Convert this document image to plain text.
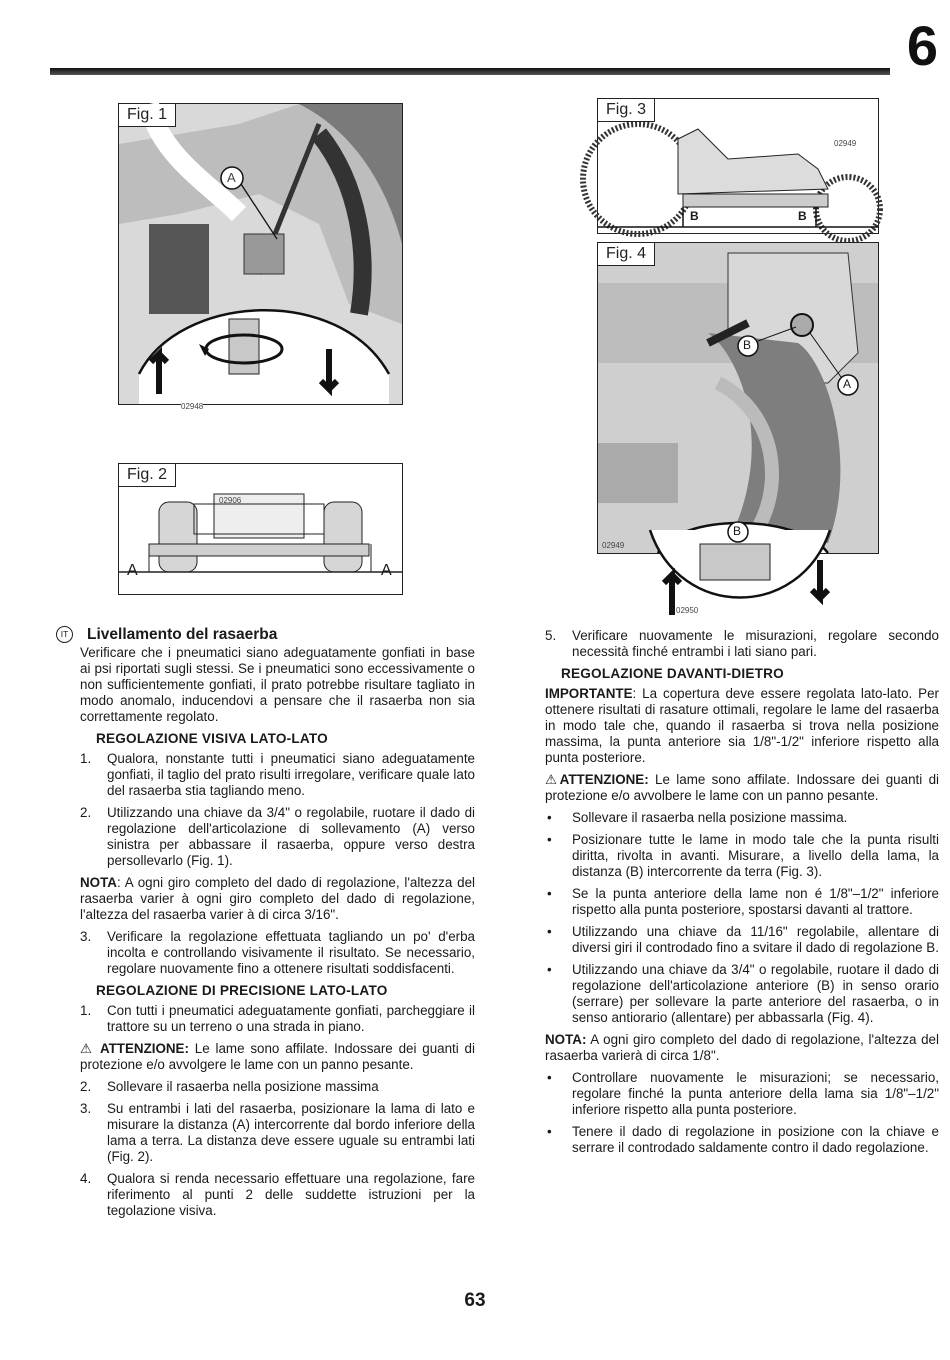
6
Fig. 1
A
02948
Fig. 2
02906
A	A
Fig. 3
02949
B	B
Fig. 4
B
A
02949
B
02950
IT	Livellamento del rasaerba

Verificare che i pneumatici siano adeguatamente gonfiati in base ai psi riportati sugli stessi. Se i pneumatici sono eccessivamente o non sufficientemente gonfiati, il prato potrebbe risultare tagliato in modo anomalo, inducendovi a pensare che il rasaerba non sia correttamente regolato.

REGOLAZIONE VISIVA LATO-LATO
1.	Qualora, nonstante tutti i pneumatici siano adeguatamente gonfiati, il taglio del prato risulti irregolare, verificare quale lato del rasaerba stia tagliando meno.
2.	Utilizzando una chiave da 3/4" o regolabile, ruotare il dado di regolazione dell'articolazione di sollevamento (A) verso sinistra per abbassare il rasaerba, oppure verso destra persollevarlo (Fig. 1).

NOTA: A ogni giro completo del dado di regolazione, l'altezza del rasaerba varier à ogni giro completo del dado di regolazione, l'altezza del rasaerba varier à di circa 3/16".

3.	Verificare la regolazione effettuata tagliando un po' d'erba incolta e controllando visivamente il risultato. Se necessario, regolare nuovamente fino a ottenere risultati soddisfacenti.
REGOLAZIONE DI PRECISIONE LATO-LATO
1.	Con tutti i pneumatici adeguatamente gonfiati, parcheggiare il trattore su un terreno o una strada in piano.

⚠ ATTENZIONE: Le lame sono affilate. Indossare dei guanti di protezione e/o avvolgere le lame con un panno pesante.

2.	Sollevare il rasaerba nella posizione massima
3.	Su entrambi i lati del rasaerba, posizionare la lama di lato e misurare la distanza (A) intercorrente dal bordo inferiore della lama a terra. La distanza deve essere uguale su entrambi lati (Fig. 2).
4.	Qualora si renda necessario effettuare una regolazione, fare riferimento al punti 2 delle suddette istruzioni per la tegolazione visiva.
5.	Verificare nuovamente le misurazioni, regolare secondo necessità finché entrambi i lati siano pari.
REGOLAZIONE DAVANTI-DIETRO

IMPORTANTE: La copertura deve essere regolata lato-lato. Per ottenere risultati di rasature ottimali, regolare le lame del rasaerba in modo tale che, quando il rasaerba si trova nella posizione massima, la punta anteriore sia 1/8"-1/2" inferiore rispetto alla punta posteriore.

⚠ATTENZIONE: Le lame sono affilate. Indossare dei guanti di protezione e/o avvolbere le lame con un panno pesante.

•	Sollevare il rasaerba nella posizione massima.
•	Posizionare tutte le lame in modo tale che la punta risulti diritta, rivolta in avanti. Misurare, a livello della lama, la distanza (B) intercorrente da terra (Fig. 3).
•	Se la punta anteriore della lame non é 1/8"–1/2" inferiore rispetto alla punta posteriore, spostarsi davanti al trattore.
•	Utilizzando una chiave da 11/16" regolabile, allentare di diversi giri il controdado fino a svitare il dado di regolazione B.
•	Utilizzando una chiave da 3/4" o regolabile, ruotare il dado di regolazione dell'articolazione anteriore (B) in senso orario (serrare) per sollevare la parte anteriore del rasaerba, o in senso antiorario (allentare) per abbassarla (Fig. 4).

NOTA: A ogni giro completo del dado di regolazione, l'altezza del rasaerba varierà di circa 1/8".

•	Controllare nuovamente le misurazioni; se necessario, regolare finché la punta anteriore della lama sia 1/8"–1/2" inferiore rispetto alla punta posteriore.
•	Tenere il dado di regolazione in posizione con la chiave e serrare il controdado saldamente contro il dado regolazione.
63
